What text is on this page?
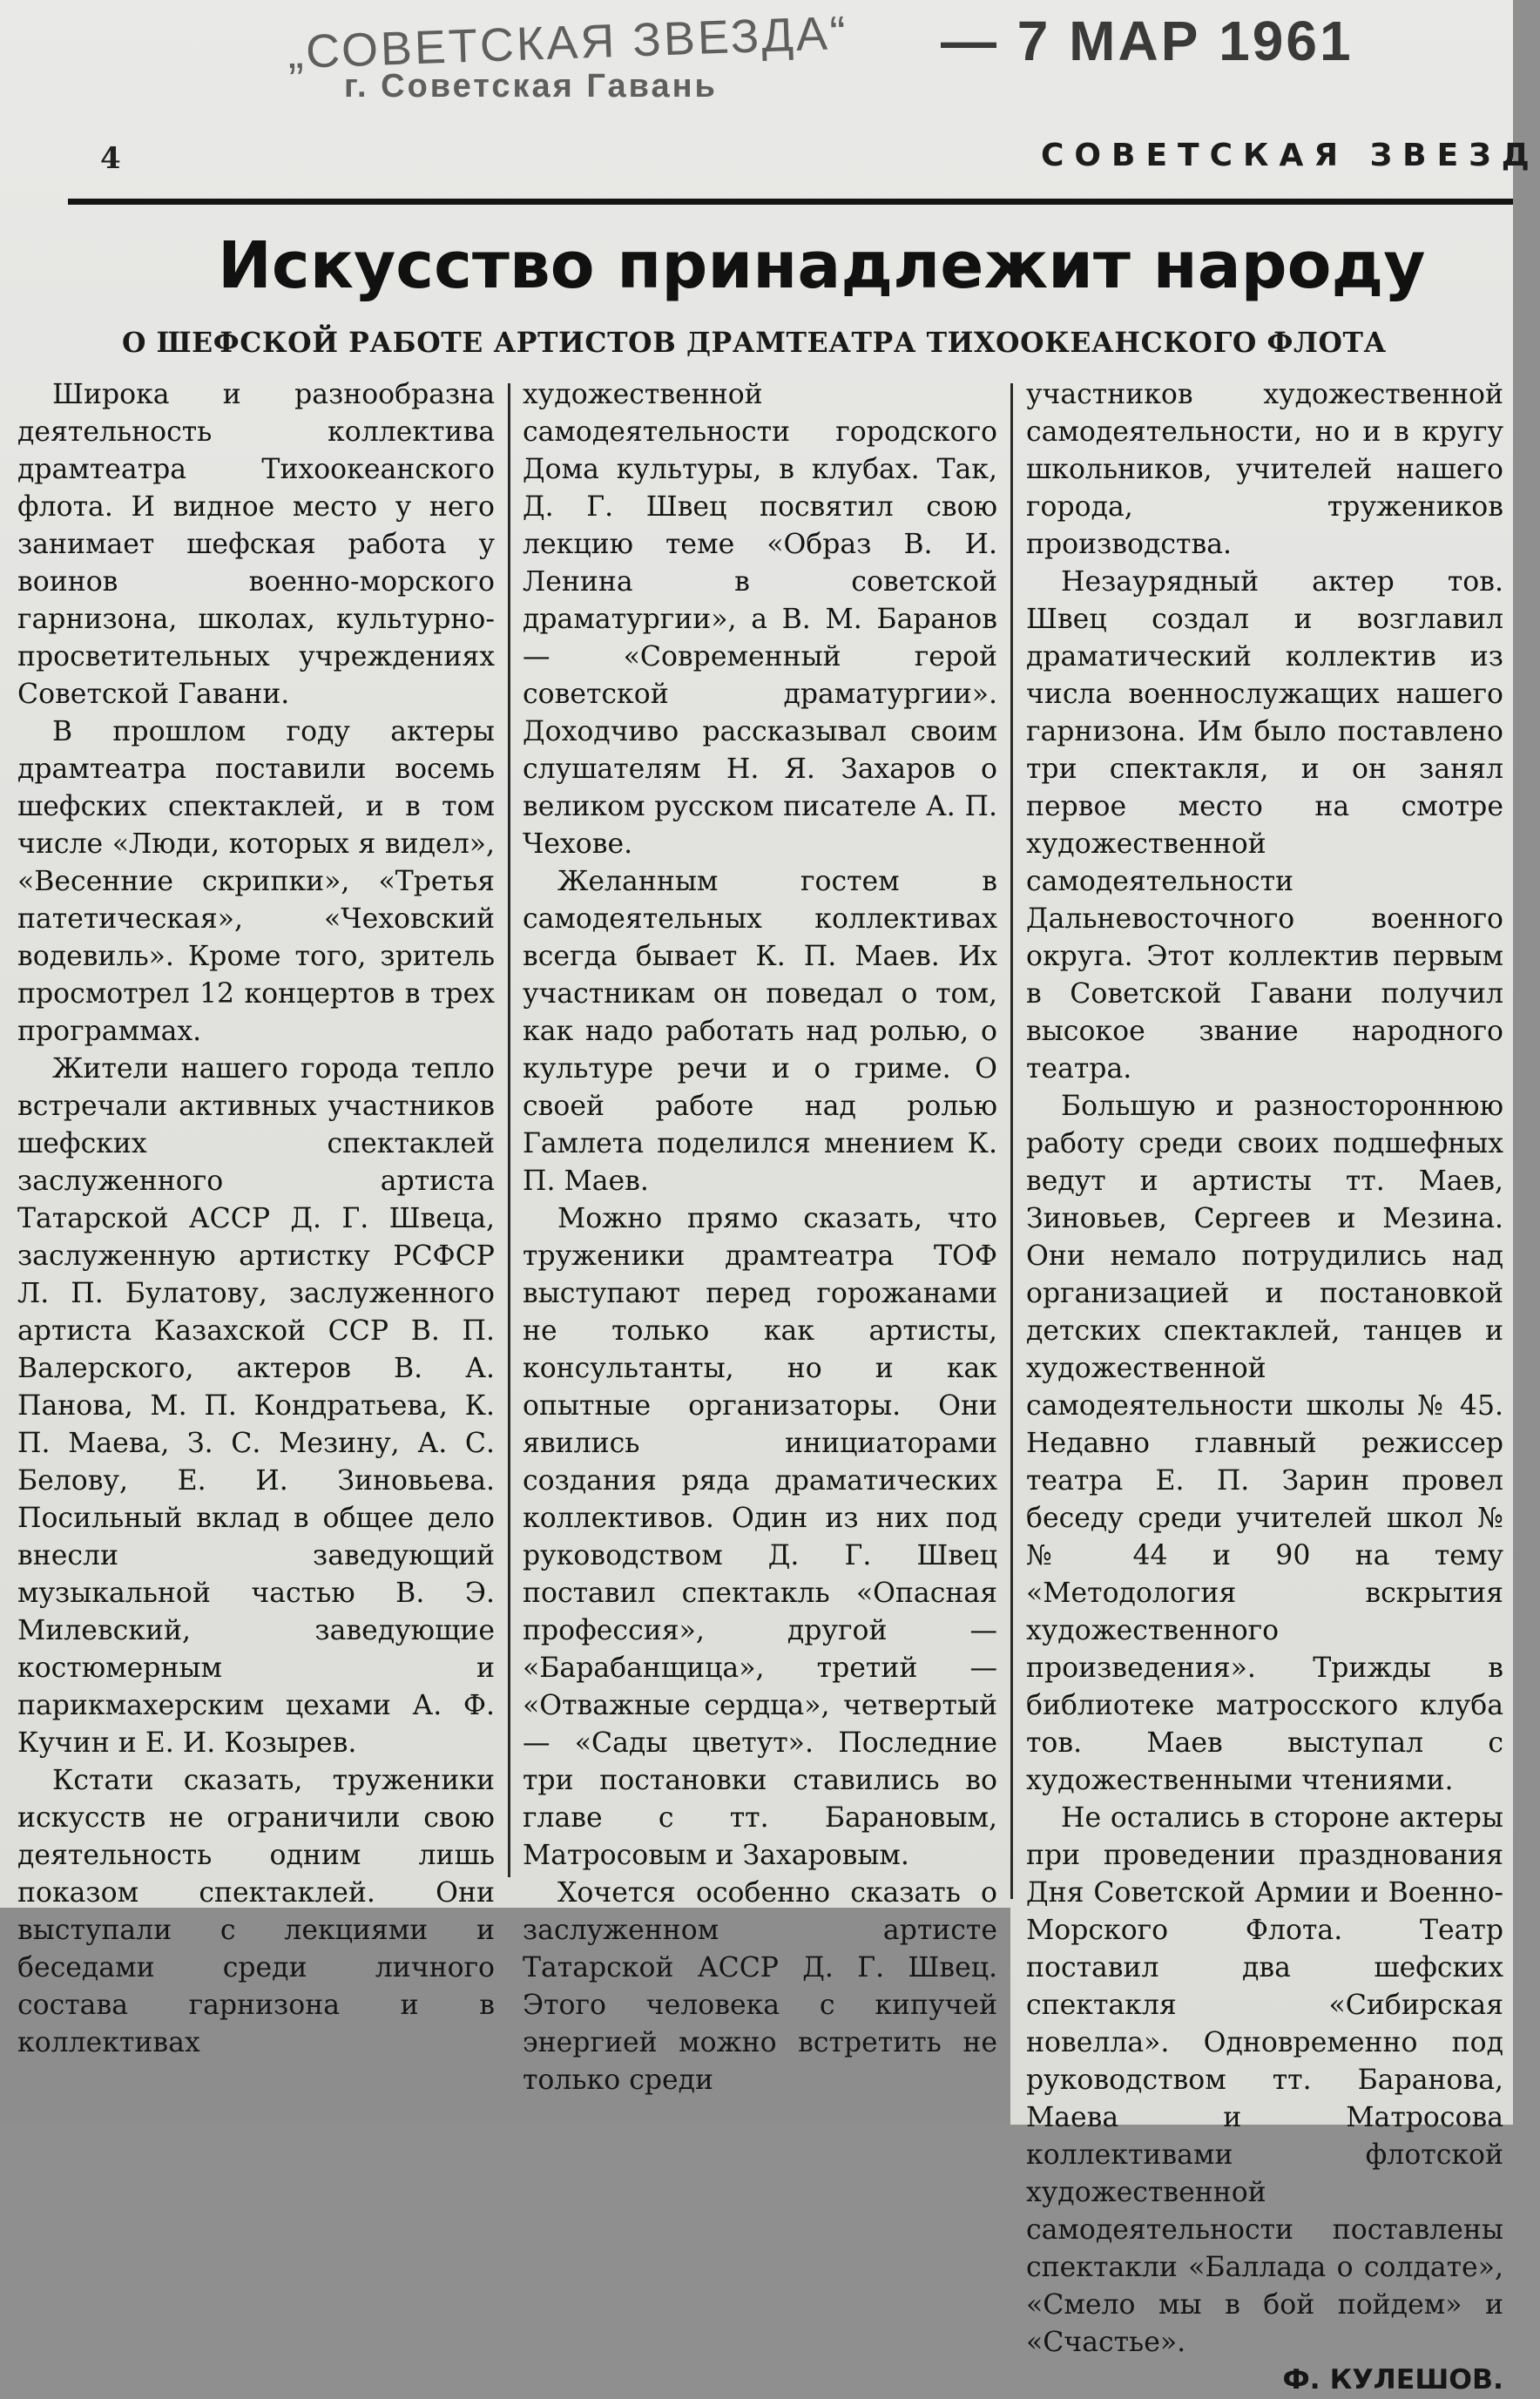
„СОВЕТСКАЯ ЗВЕЗДА“
г. Советская Гавань
— 7 МАР 1961
4	СОВЕТСКАЯ ЗВЕЗД
Искусство принадлежит народу
О ШЕФСКОЙ РАБОТЕ АРТИСТОВ ДРАМТЕАТРА ТИХООКЕАНСКОГО ФЛОТА

Широка и разнообразна деятельность коллектива драмтеатра Тихоокеанского флота. И видное место у него занимает шефская работа у воинов военно-морского гарнизона, школах, культурно-просветительных учреждениях Советской Гавани.

В прошлом году актеры драмтеатра поставили восемь шефских спектаклей, и в том числе «Люди, которых я видел», «Весенние скрипки», «Третья патетическая», «Чеховский водевиль». Кроме того, зритель просмотрел 12 концертов в трех программах.

Жители нашего города тепло встречали активных участников шефских спектаклей заслуженного артиста Татарской АССР Д. Г. Швеца, заслуженную артистку РСФСР Л. П. Булатову, заслуженного артиста Казахской ССР В. П. Валерского, актеров В. А. Панова, М. П. Кондратьева, К. П. Маева, З. С. Мезину, А. С. Белову, Е. И. Зиновьева. Посильный вклад в общее дело внесли заведующий музыкальной частью В. Э. Милевский, заведующие костюмерным и парикмахерским цехами А. Ф. Кучин и Е. И. Козырев.

Кстати сказать, труженики искусств не ограничили свою деятельность одним лишь показом спектаклей. Они выступали с лекциями и беседами среди личного состава гарнизона и в коллективах

художественной самодеятельности городского Дома культуры, в клубах. Так, Д. Г. Швец посвятил свою лекцию теме «Образ В. И. Ленина в советской драматургии», а В. М. Баранов — «Современный герой советской драматургии». Доходчиво рассказывал своим слушателям Н. Я. Захаров о великом русском писателе А. П. Чехове.

Желанным гостем в самодеятельных коллективах всегда бывает К. П. Маев. Их участникам он поведал о том, как надо работать над ролью, о культуре речи и о гриме. О своей работе над ролью Гамлета поделился мнением К. П. Маев.

Можно прямо сказать, что труженики драмтеатра ТОФ выступают перед горожанами не только как артисты, консультанты, но и как опытные организаторы. Они явились инициаторами создания ряда драматических коллективов. Один из них под руководством Д. Г. Швец поставил спектакль «Опасная профессия», другой — «Барабанщица», третий — «Отважные сердца», четвертый — «Сады цветут». Последние три постановки ставились во главе с тт. Барановым, Матросовым и Захаровым.

Хочется особенно сказать о заслуженном артисте Татарской АССР Д. Г. Швец. Этого человека с кипучей энергией можно встретить не только среди

участников художественной самодеятельности, но и в кругу школьников, учителей нашего города, тружеников производства.

Незаурядный актер тов. Швец создал и возглавил драматический коллектив из числа военнослужащих нашего гарнизона. Им было поставлено три спектакля, и он занял первое место на смотре художественной самодеятельности Дальневосточного военного округа. Этот коллектив первым в Советской Гавани получил высокое звание народного театра.

Большую и разностороннюю работу среди своих подшефных ведут и артисты тт. Маев, Зиновьев, Сергеев и Мезина. Они немало потрудились над организацией и постановкой детских спектаклей, танцев и художественной самодеятельности школы № 45. Недавно главный режиссер театра Е. П. Зарин провел беседу среди учителей школ №№ 44 и 90 на тему «Методология вскрытия художественного произведения». Трижды в библиотеке матросского клуба тов. Маев выступал с художественными чтениями.

Не остались в стороне актеры при проведении празднования Дня Советской Армии и Военно-Морского Флота. Театр поставил два шефских спектакля «Сибирская новелла». Одновременно под руководством тт. Баранова, Маева и Матросова коллективами флотской художественной самодеятельности поставлены спектакли «Баллада о солдате», «Смело мы в бой пойдем» и «Счастье».

Ф. КУЛЕШОВ.
